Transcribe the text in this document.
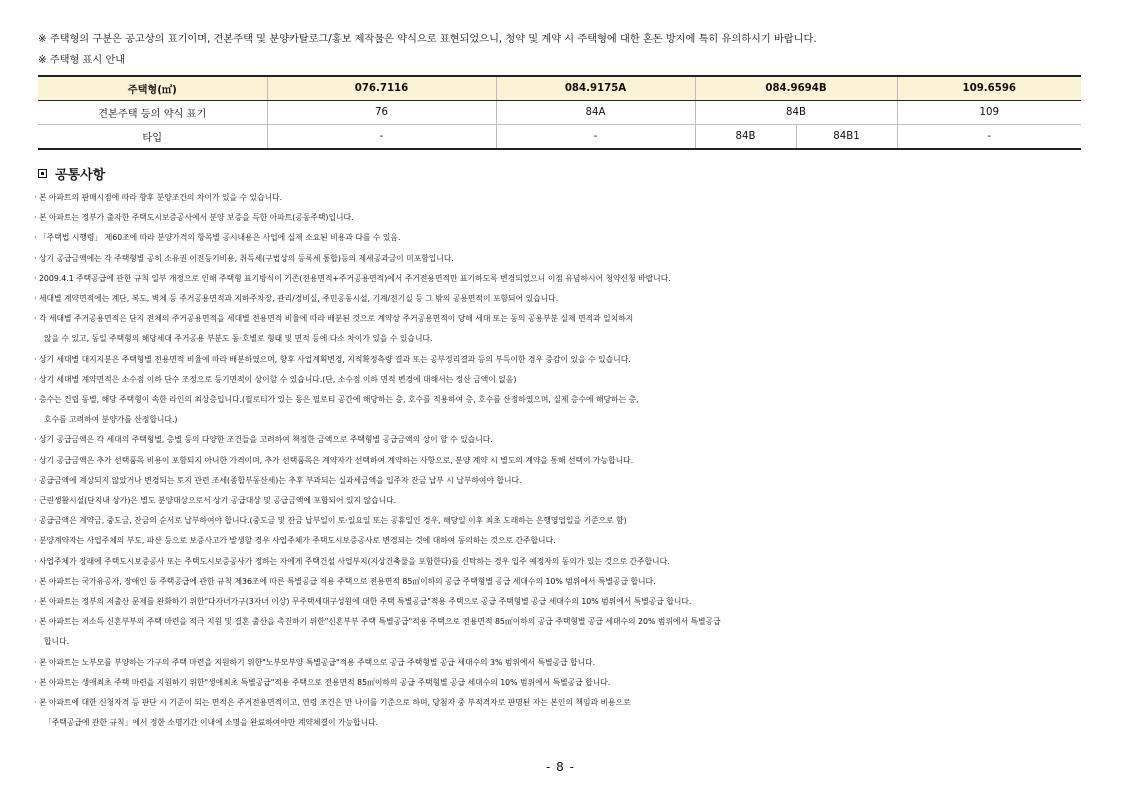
※ 주택형의 구분은 공고상의 표기이며, 견본주택 및 분양카탈로그/홍보 제작물은 약식으로 표현되었으니, 청약 및 계약 시 주택형에 대한 혼돈 방지에 특히 유의하시기 바랍니다.
※ 주택형 표시 안내
주택형(㎡)	076.7116	084.9175A	084.9694B		109.6596
견본주택 등의 약식 표기	76	84A	84B		109
타입	-	-	84B	84B1	-
공통사항
· 본 아파트의 판매시점에 따라 향후 분양조건의 차이가 있을 수 있습니다.
· 본 아파트는 정부가 출자한 주택도시보증공사에서 분양 보증을 득한 아파트(공동주택)입니다.
· 「주택법 시행령」 제60조에 따라 분양가격의 항목별 공시내용은 사업에 실제 소요된 비용과 다를 수 있음.
· 상기 공급금액에는 각 주택형별 공히 소유권 이전등기비용, 취득세(구법상의 등록세 통합)등의 제세공과금이 미포함입니다.
· 2009.4.1 주택공급에 관한 규칙 일부 개정으로 인해 주택형 표기방식이 기존(전용면적+주거공용면적)에서 주거전용면적만 표기하도록 변경되었으니 이점 유념하시어 청약신청 바랍니다.
· 세대별 계약면적에는 계단, 복도, 벽체 등 주거공용면적과 지하주차장, 관리/경비실, 주민공동시설, 기계/전기실 등 그 밖의 공용면적이 포함되어 있습니다.
· 각 세대별 주거공용면적은 단지 전체의 주거공용면적을 세대별 전용면적 비율에 따라 배분된 것으로 계약상 주거공용면적이 당해 세대 또는 동의 공용부분 실제 면적과 일치하지
않을 수 있고, 동일 주택형의 해당세대 주거공용 부분도 동·호별로 형태 및 면적 등에 다소 차이가 있을 수 있습니다.
· 상기 세대별 대지지분은 주택형별 전용면적 비율에 따라 배분하였으며, 향후 사업계획변경, 지적확정측량 결과 또는 공부정리결과 등의 부득이한 경우 증감이 있을 수 있습니다.
· 상기 세대별 계약면적은 소수점 이하 단수 조정으로 등기면적이 상이할 수 있습니다.(단, 소수점 이하 면적 변경에 대해서는 정산 금액이 없음)
· 층수는 건립 동별, 해당 주택형이 속한 라인의 최상층입니다.(필로티가 있는 동은 필로티 공간에 해당하는 층, 호수를 적용하여 층, 호수를 산정하였으며, 실제 층수에 해당하는 층,
호수를 고려하여 분양가를 산정합니다.)
· 상기 공급금액은 각 세대의 주택형별, 층별 등의 다양한 조건들을 고려하여 책정한 금액으로 주택형별 공급금액의 상이 할 수 있습니다.
· 상기 공급금액은 추가 선택품목 비용이 포함되지 아니한 가격이며, 추가 선택품목은 계약자가 선택하여 계약하는 사항으로, 분양 계약 시 별도의 계약을 통해 선택이 가능합니다.
· 공급금액에 계상되지 않았거나 변경되는 토지 관련 조세(종합부동산세)는 추후 부과되는 실과세금액을 입주자 잔금 납부 시 납부하여야 합니다.
· 근린생활시설(단지내 상가)은 별도 분양대상으로서 상기 공급대상 및 공급금액에 포함되어 있지 않습니다.
· 공급금액은 계약금, 중도금, 잔금의 순서로 납부하여야 합니다.(중도금 및 잔금 납부일이 토·일요일 또는 공휴일인 경우, 해당일 이후 최초 도래하는 은행영업일을 기준으로 함)
· 분양계약자는 사업주체의 부도, 파산 등으로 보증사고가 발생할 경우 사업주체가 주택도시보증공사로 변경되는 것에 대하여 동의하는 것으로 간주합니다.
· 사업주체가 장래에 주택도시보증공사 또는 주택도시보증공사가 정하는 자에게 주택건설 사업부지(지상건축물을 포함한다)를 신탁하는 경우 입주 예정자의 동의가 있는 것으로 간주합니다.
· 본 아파트는 국가유공자, 장애인 등 주택공급에 관한 규칙 제36조에 따른 특별공급 적용 주택으로 전용면적 85㎡이하의 공급 주택형별 공급 세대수의 10% 범위에서 특별공급 합니다.
· 본 아파트는 정부의 저출산 문제를 완화하기 위한"다자녀가구(3자녀 이상) 무주택세대구성원에 대한 주택 특별공급"적용 주택으로 공급 주택형별 공급 세대수의 10% 범위에서 특별공급 합니다.
· 본 아파트는 저소득 신혼부부의 주택 마련을 적극 지원 및 결혼 출산을 촉진하기 위한"신혼부부 주택 특별공급"적용 주택으로 전용면적 85㎡이하의 공급 주택형별 공급 세대수의 20% 범위에서 특별공급
합니다.
· 본 아파트는 노부모를 부양하는 가구의 주택 마련을 지원하기 위한"노부모부양 특별공급"적용 주택으로 공급 주택형별 공급 세대수의 3% 범위에서 특별공급 합니다.
· 본 아파트는 생애최초 주택 마련을 지원하기 위한"생애최초 특별공급"적용 주택으로 전용면적 85㎡이하의 공급 주택형별 공급 세대수의 10% 범위에서 특별공급 합니다.
· 본 아파트에 대한 신청자격 등 판단 시 기준이 되는 면적은 주거전용면적이고, 연령 조건은 만 나이를 기준으로 하며, 당첨자 중 부적격자로 판명된 자는 본인의 책임과 비용으로
「주택공급에 관한 규칙」에서 정한 소명기간 이내에 소명을 완료하여야만 계약체결이 가능합니다.
- 8 -
